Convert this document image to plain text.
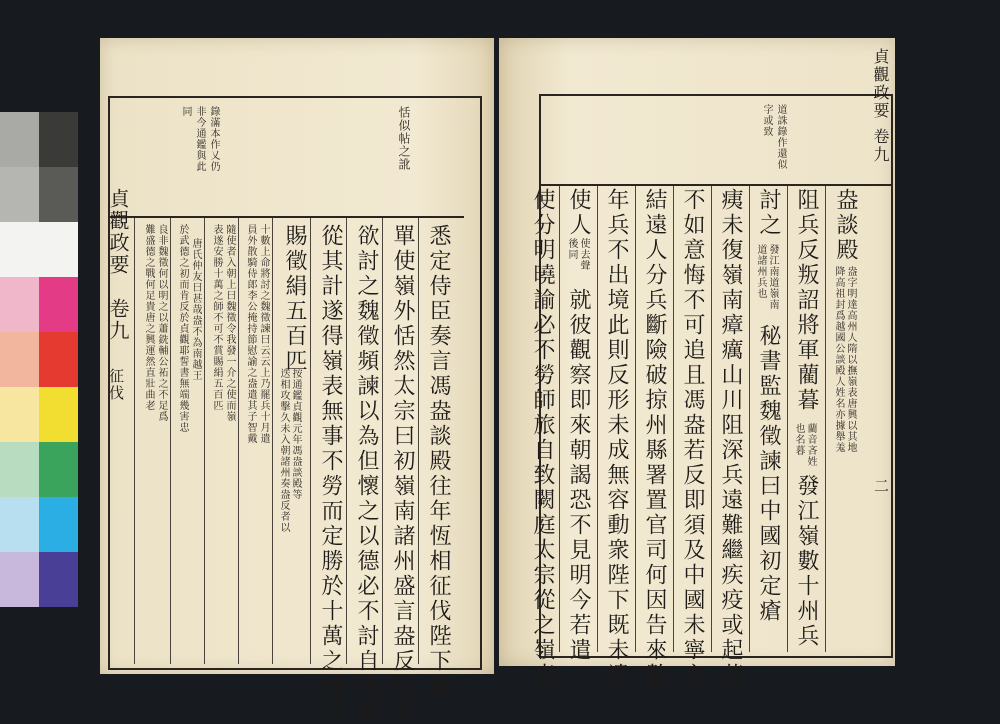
恬似帖之訛
錄滿本作乂仍
非今通鑑與此
同
貞觀政要
卷九
征伐	悉定侍臣奏言馮盎談殿往年恆相征伐陛下發一
單使嶺外恬然太宗曰初嶺南諸州盛言盎反朕必
欲討之魏徵頻諫以為但懷之以德必不討自來既
從其計遂得嶺表無事不勞而定勝於十萬之師乃
賜徵絹五百匹
按通鑑貞觀元年馮盎談殿等
迭相攻擊久未入朝諸州奏盎反者以
十數上命將討之魏徵諫曰云云上乃罷兵十月遣
員外散騎侍郎李公掩持節慰諭之盎遣其子智戴
隨使者入朝上曰魏徵令我發一介之使而嶺
表遂安勝十萬之師不可不賞賜絹五百匹
唐氏仲友曰甚哉盎不為南越王
於武德之初而肯反於貞觀耶誓書無端幾害忠
良非魏徵何以明之以蕭銑輔公祏之不足爲
難盛德之戰何足貴唐之興運然直壯曲老
道誅錄作還似
字或致
貞觀政要
卷九
二
盎談殿
盎字明達高州人隋以撫嶺表唐興以其地
降高祖封爲越國公談殿人姓名亦據舉羗
阻兵反叛詔將軍藺暮
藺音吝姓
也名暮
發江嶺數十州兵
討之
發江南道嶺南
道諸州兵也
秘書監魏徵諫曰中國初定瘡
痍未復嶺南瘴癘山川阻深兵遠難繼疾疫或起若
不如意悔不可追且馮盎若反即須及中國未寧交
結遠人分兵斷險破掠州縣署置官司何因告來數
年兵不出境此則反形未成無容動衆陛下既未遣
使人
使去聲
後同
就彼觀察即來朝謁恐不見明今若遣
使分明曉諭必不勞師旅自致闕庭太宗從之嶺表
